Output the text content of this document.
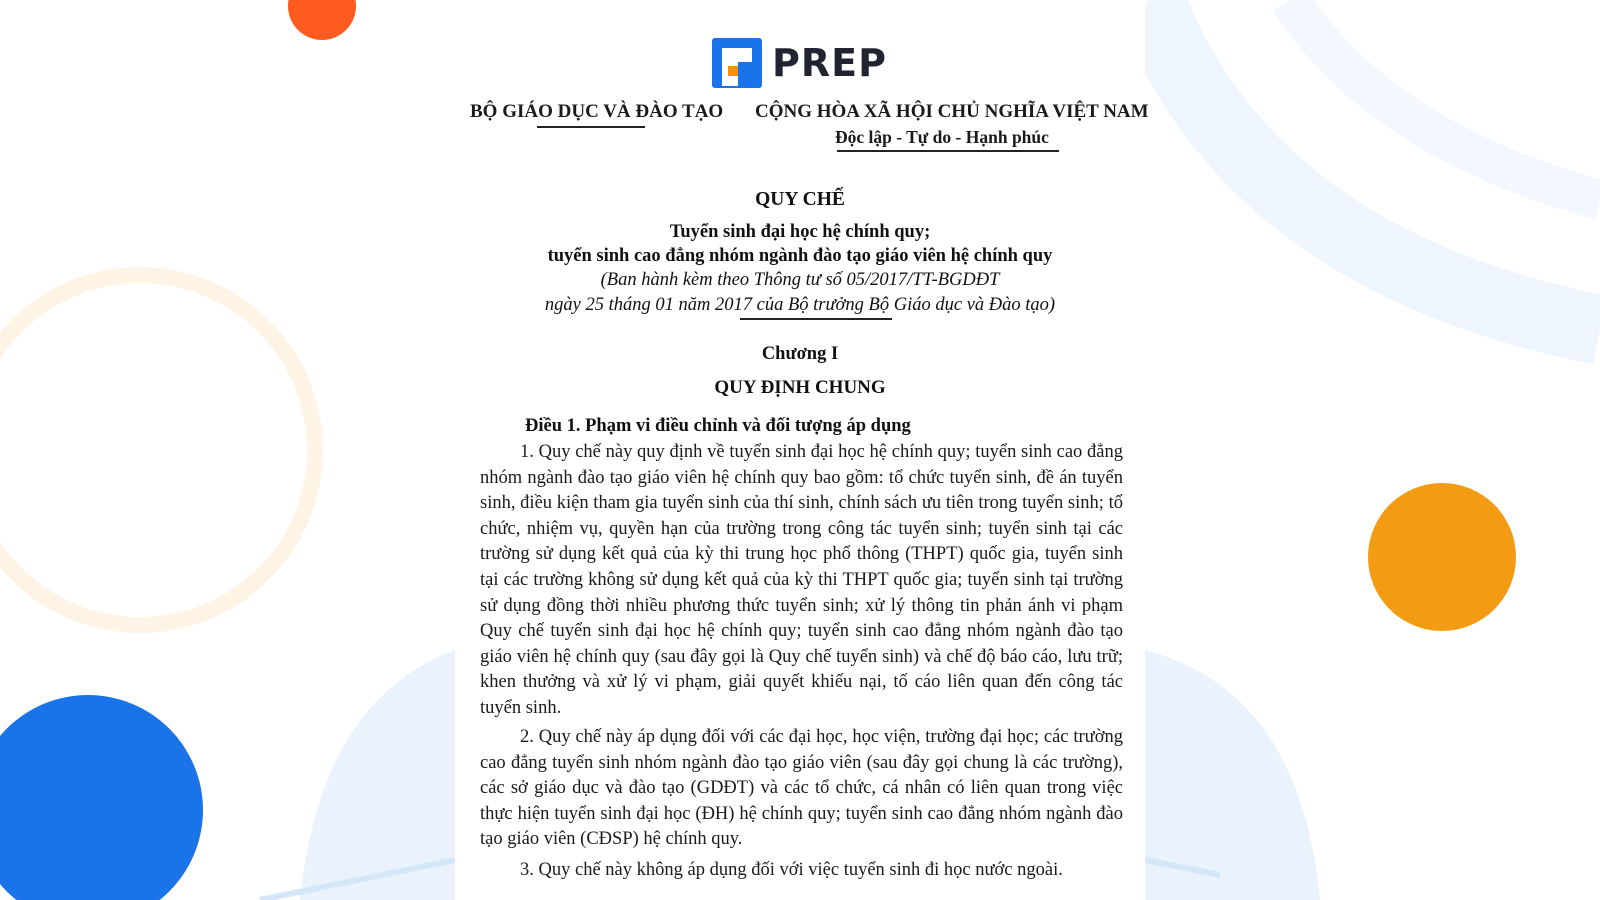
PREP
BỘ GIÁO DỤC VÀ ĐÀO TẠO CỘNG HÒA XÃ HỘI CHỦ NGHĨA VIỆT NAM
Độc lập - Tự do - Hạnh phúc
QUY CHẾ
Tuyển sinh đại học hệ chính quy;
tuyển sinh cao đẳng nhóm ngành đào tạo giáo viên hệ chính quy
(Ban hành kèm theo Thông tư số 05/2017/TT-BGDĐT
ngày 25 tháng 01 năm 2017 của Bộ trưởng Bộ Giáo dục và Đào tạo)
Chương I
QUY ĐỊNH CHUNG
Điều 1. Phạm vi điều chỉnh và đối tượng áp dụng

1. Quy chế này quy định về tuyển sinh đại học hệ chính quy; tuyển sinh cao đẳng nhóm ngành đào tạo giáo viên hệ chính quy bao gồm: tổ chức tuyển sinh, đề án tuyển sinh, điều kiện tham gia tuyển sinh của thí sinh, chính sách ưu tiên trong tuyển sinh; tổ chức, nhiệm vụ, quyền hạn của trường trong công tác tuyển sinh; tuyển sinh tại các trường sử dụng kết quả của kỳ thi trung học phổ thông (THPT) quốc gia, tuyển sinh tại các trường không sử dụng kết quả của kỳ thi THPT quốc gia; tuyển sinh tại trường sử dụng đồng thời nhiều phương thức tuyển sinh; xử lý thông tin phản ánh vi phạm Quy chế tuyển sinh đại học hệ chính quy; tuyển sinh cao đẳng nhóm ngành đào tạo giáo viên hệ chính quy (sau đây gọi là Quy chế tuyển sinh) và chế độ báo cáo, lưu trữ; khen thưởng và xử lý vi phạm, giải quyết khiếu nại, tố cáo liên quan đến công tác tuyển sinh.

2. Quy chế này áp dụng đối với các đại học, học viện, trường đại học; các trường cao đẳng tuyển sinh nhóm ngành đào tạo giáo viên (sau đây gọi chung là các trường), các sở giáo dục và đào tạo (GDĐT) và các tổ chức, cá nhân có liên quan trong việc thực hiện tuyển sinh đại học (ĐH) hệ chính quy; tuyển sinh cao đẳng nhóm ngành đào tạo giáo viên (CĐSP) hệ chính quy.

3. Quy chế này không áp dụng đối với việc tuyển sinh đi học nước ngoài.
